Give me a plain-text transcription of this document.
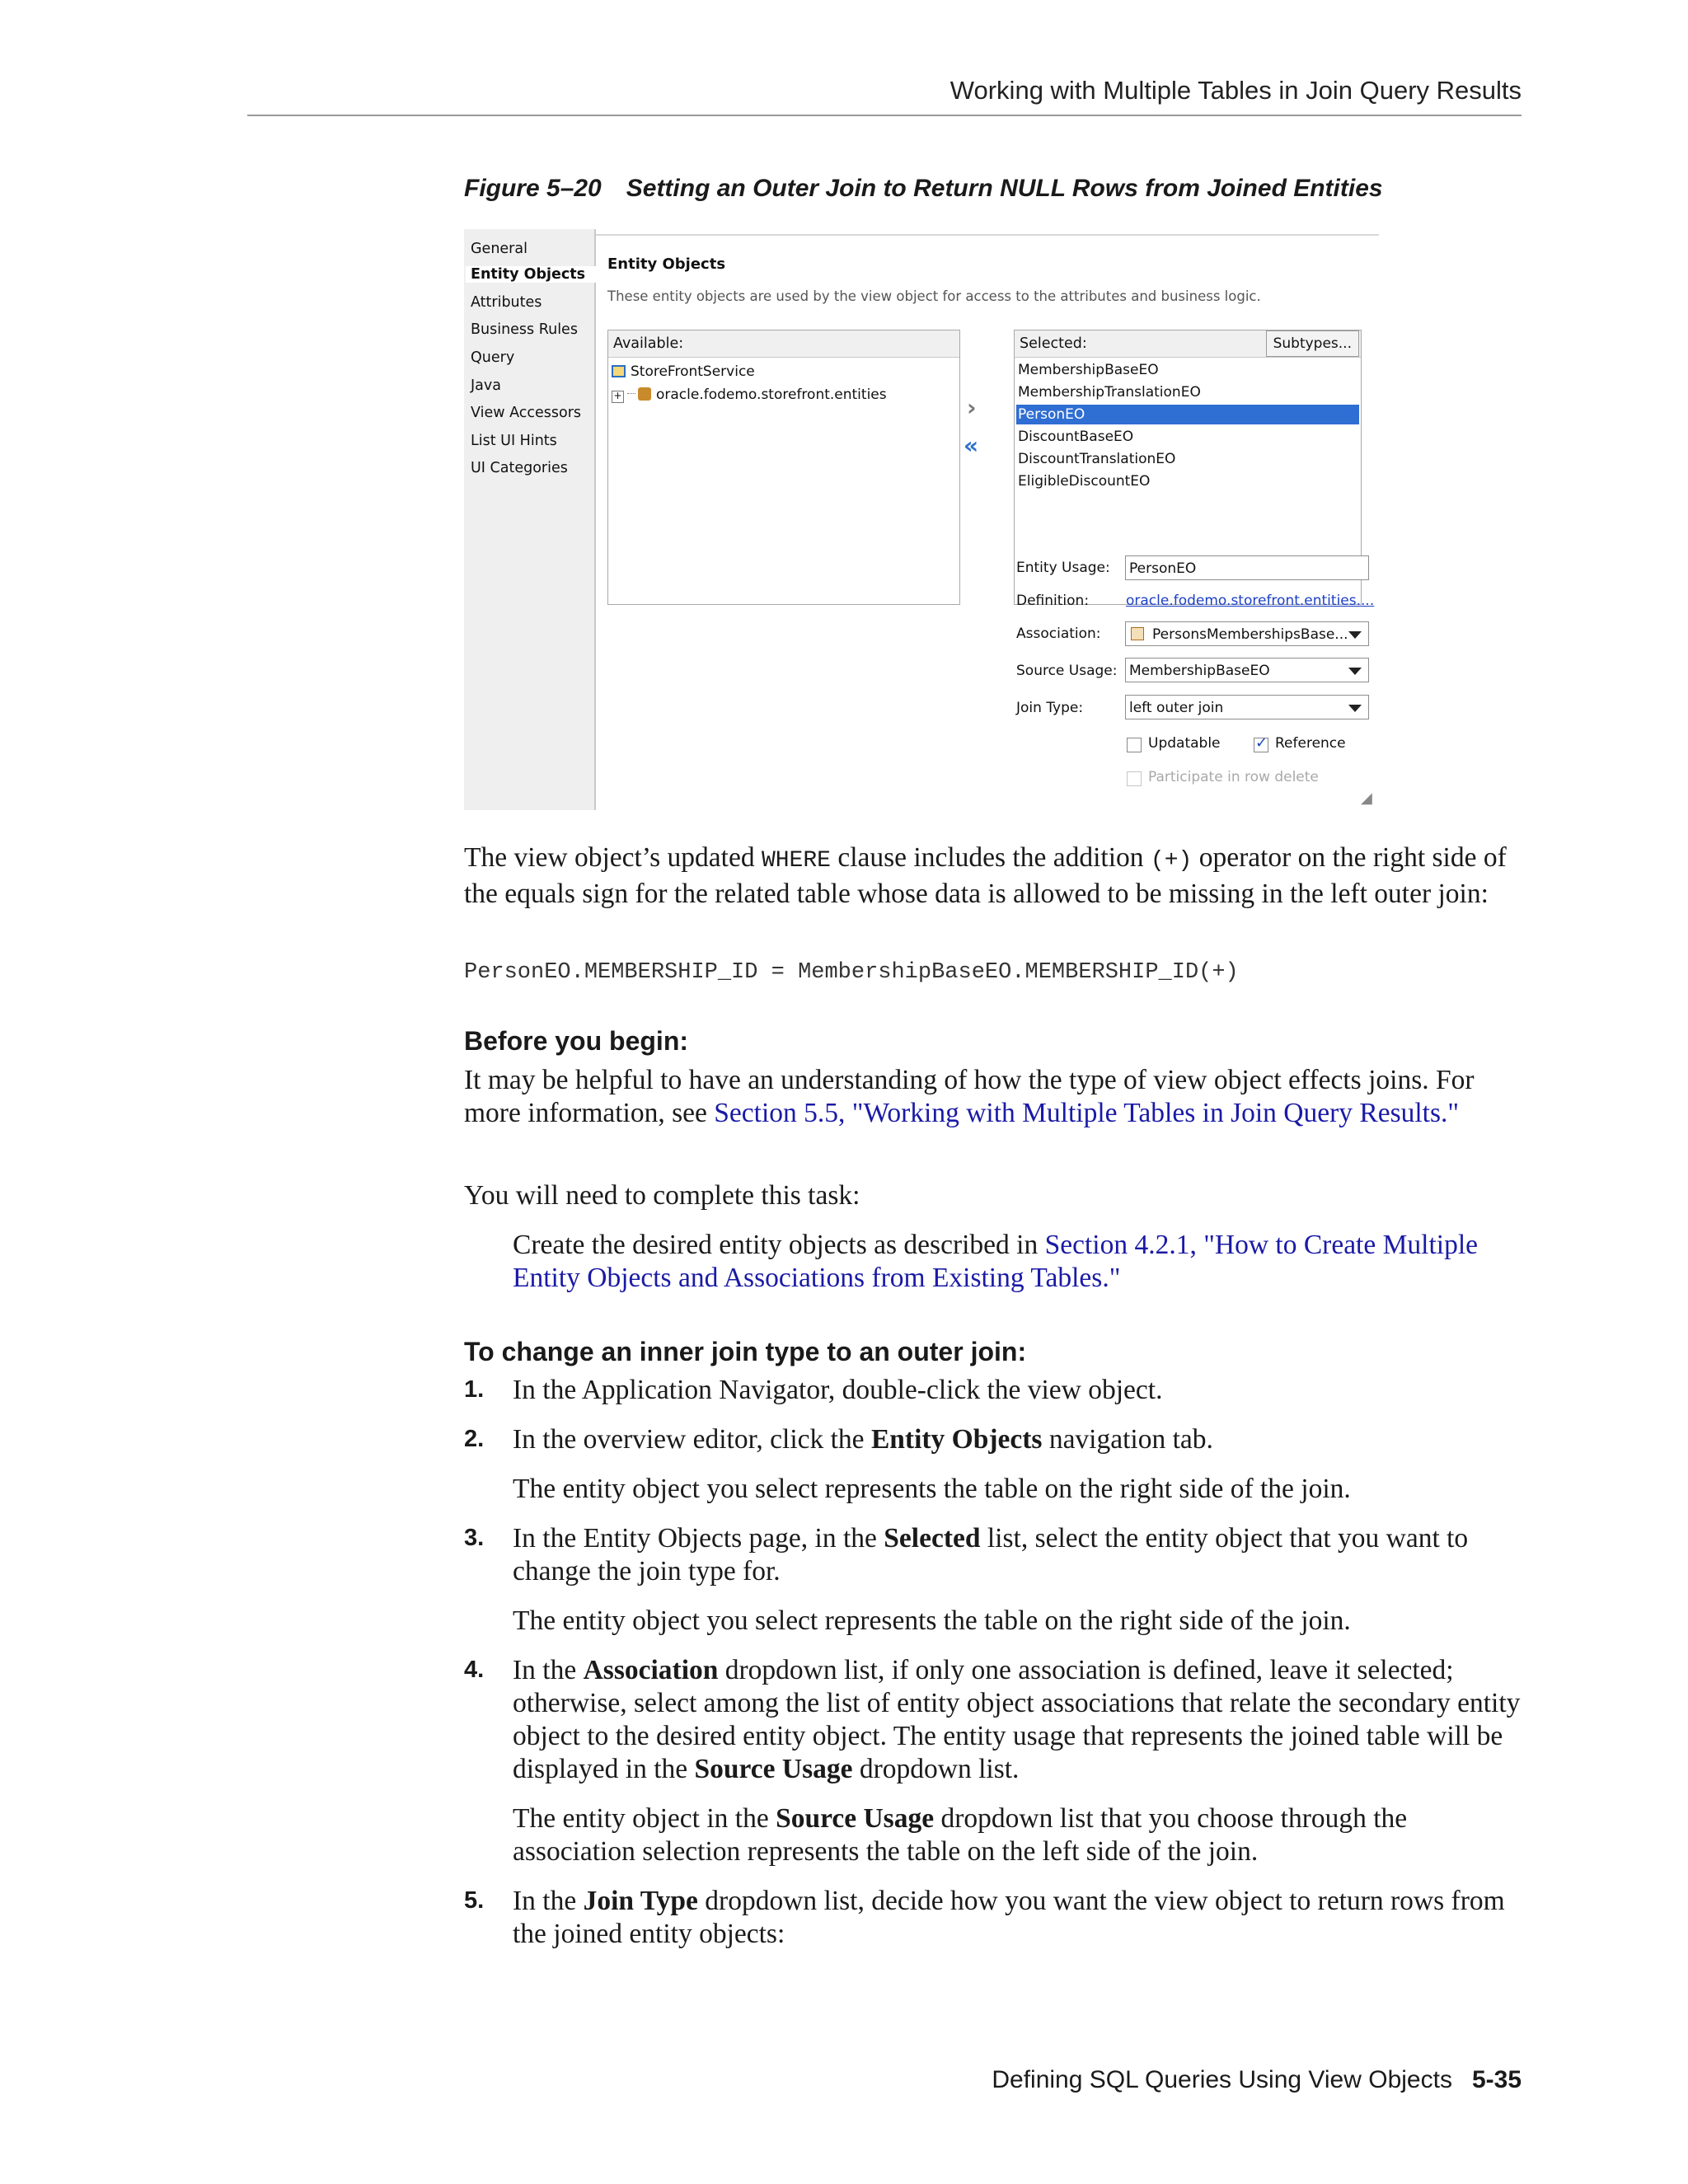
Working with Multiple Tables in Join Query Results
Figure 5–20 Setting an Outer Join to Return NULL Rows from Joined Entities
General
Entity Objects
Attributes
Business Rules
Query
Java
View Accessors
List UI Hints
UI Categories
Entity Objects
These entity objects are used by the view object for access to the attributes and business logic.
Available:
StoreFrontService
+ oracle.fodemo.storefront.entities	›
«
Selected:	Subtypes...
MembershipBaseEO
MembershipTranslationEO
PersonEO
DiscountBaseEO
DiscountTranslationEO
EligibleDiscountEO
Entity Usage: PersonEO
Definition:	oracle.fodemo.storefront.entities....
Association:	PersonsMembershipsBase...
Source Usage: MembershipBaseEO
Join Type:	left outer join
Updatable
✓	Reference
Participate in row delete
◢
The view object’s updated WHERE clause includes the addition (+) operator on the right side of the equals sign for the related table whose data is allowed to be missing in the left outer join:
PersonEO.MEMBERSHIP_ID = MembershipBaseEO.MEMBERSHIP_ID(+)
Before you begin:
It may be helpful to have an understanding of how the type of view object effects joins. For more information, see Section 5.5, "Working with Multiple Tables in Join Query Results."
You will need to complete this task:
Create the desired entity objects as described in Section 4.2.1, "How to Create Multiple Entity Objects and Associations from Existing Tables."
To change an inner join type to an outer join:
1. In the Application Navigator, double-click the view object.
2. In the overview editor, click the Entity Objects navigation tab.
The entity object you select represents the table on the right side of the join.
3. In the Entity Objects page, in the Selected list, select the entity object that you want to change the join type for.
The entity object you select represents the table on the right side of the join.
4. In the Association dropdown list, if only one association is defined, leave it selected; otherwise, select among the list of entity object associations that relate the secondary entity object to the desired entity object. The entity usage that represents the joined table will be displayed in the Source Usage dropdown list.
The entity object in the Source Usage dropdown list that you choose through the association selection represents the table on the left side of the join.
5. In the Join Type dropdown list, decide how you want the view object to return rows from the joined entity objects:
Defining SQL Queries Using View Objects 5-35
